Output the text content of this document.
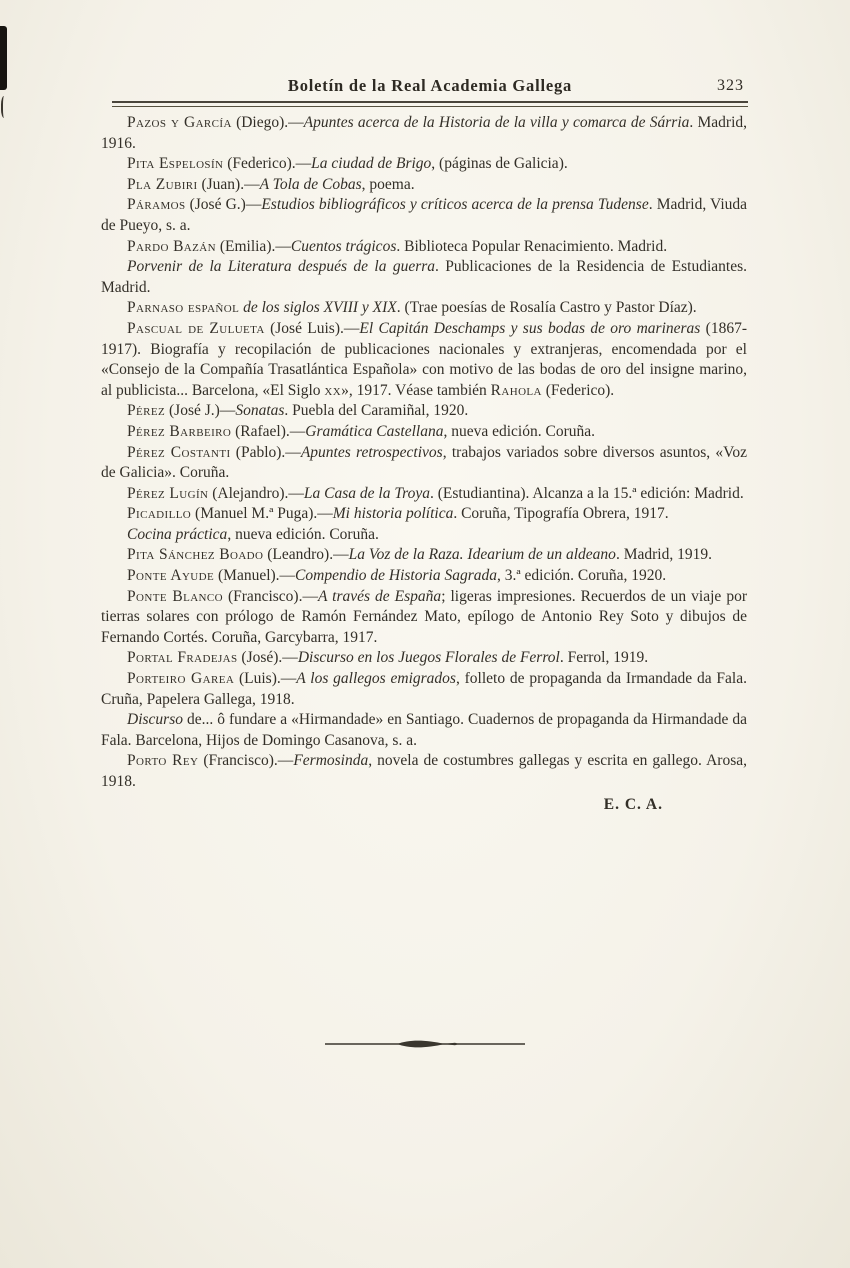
Boletín de la Real Academia Gallega	323

Pazos y García (Diego).—Apuntes acerca de la Historia de la villa y comarca de Sárria. Madrid, 1916.

Pita Espelosín (Federico).—La ciudad de Brigo, (páginas de Galicia).

Pla Zubiri (Juan).—A Tola de Cobas, poema.

Páramos (José G.)—Estudios bibliográficos y críticos acerca de la prensa Tudense. Madrid, Viuda de Pueyo, s. a.

Pardo Bazán (Emilia).—Cuentos trágicos. Biblioteca Popular Renacimiento. Madrid.

Porvenir de la Literatura después de la guerra. Publicaciones de la Residencia de Estudiantes. Madrid.

Parnaso español de los siglos XVIII y XIX. (Trae poesías de Rosalía Castro y Pastor Díaz).

Pascual de Zulueta (José Luis).—El Capitán Deschamps y sus bodas de oro marineras (1867-1917). Biografía y recopilación de publicaciones nacionales y extranjeras, encomendada por el «Consejo de la Compañía Trasatlántica Española» con motivo de las bodas de oro del insigne marino, al publicista... Barcelona, «El Siglo xx», 1917. Véase también Rahola (Federico).

Pérez (José J.)—Sonatas. Puebla del Caramiñal, 1920.

Pérez Barbeiro (Rafael).—Gramática Castellana, nueva edición. Coruña.

Pérez Costanti (Pablo).—Apuntes retrospectivos, trabajos variados sobre diversos asuntos, «Voz de Galicia». Coruña.

Pérez Lugín (Alejandro).—La Casa de la Troya. (Estudiantina). Alcanza a la 15.ª edición: Madrid.

Picadillo (Manuel M.ª Puga).—Mi historia política. Coruña, Tipografía Obrera, 1917.

Cocina práctica, nueva edición. Coruña.

Pita Sánchez Boado (Leandro).—La Voz de la Raza. Idearium de un aldeano. Madrid, 1919.

Ponte Ayude (Manuel).—Compendio de Historia Sagrada, 3.ª edición. Coruña, 1920.

Ponte Blanco (Francisco).—A través de España; ligeras impresiones. Recuerdos de un viaje por tierras solares con prólogo de Ramón Fernández Mato, epílogo de Antonio Rey Soto y dibujos de Fernando Cortés. Coruña, Garcybarra, 1917.

Portal Fradejas (José).—Discurso en los Juegos Florales de Ferrol. Ferrol, 1919.

Porteiro Garea (Luis).—A los gallegos emigrados, folleto de propaganda da Irmandade da Fala. Cruña, Papelera Gallega, 1918.

Discurso de... ô fundare a «Hirmandade» en Santiago. Cuadernos de propaganda da Hirmandade da Fala. Barcelona, Hijos de Domingo Casanova, s. a.

Porto Rey (Francisco).—Fermosinda, novela de costumbres gallegas y escrita en gallego. Arosa, 1918.

E. C. A.
